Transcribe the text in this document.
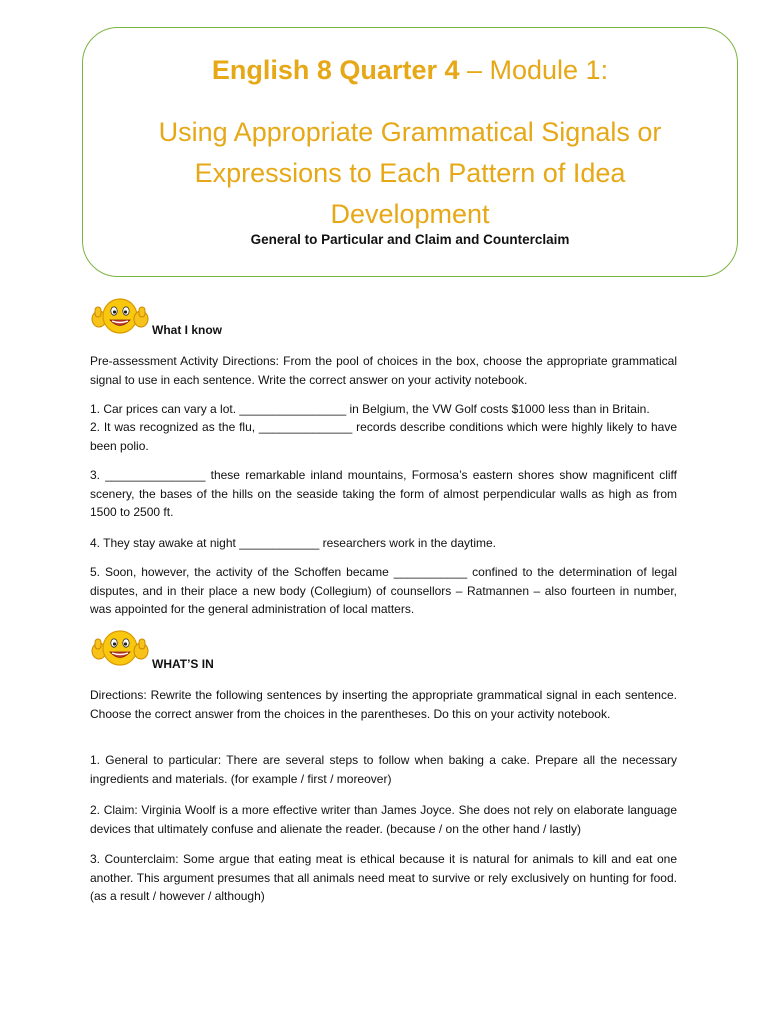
English 8 Quarter 4 – Module 1:
Using Appropriate Grammatical Signals or Expressions to Each Pattern of Idea Development
General to Particular and Claim and Counterclaim
What I know

Pre-assessment Activity Directions: From the pool of choices in the box, choose the appropriate grammatical signal to use in each sentence. Write the correct answer on your activity notebook.

1. Car prices can vary a lot. ________________ in Belgium, the VW Golf costs $1000 less than in Britain.

2. It was recognized as the flu, ______________ records describe conditions which were highly likely to have been polio.

3. _______________ these remarkable inland mountains, Formosa’s eastern shores show magnificent cliff scenery, the bases of the hills on the seaside taking the form of almost perpendicular walls as high as from 1500 to 2500 ft.

4. They stay awake at night ____________ researchers work in the daytime.

5. Soon, however, the activity of the Schoffen became ___________ confined to the determination of legal disputes, and in their place a new body (Collegium) of counsellors – Ratmannen – also fourteen in number, was appointed for the general administration of local matters.

WHAT’S IN

Directions: Rewrite the following sentences by inserting the appropriate grammatical signal in each sentence. Choose the correct answer from the choices in the parentheses. Do this on your activity notebook.

1. General to particular: There are several steps to follow when baking a cake. Prepare all the necessary ingredients and materials. (for example / first / moreover)

2. Claim: Virginia Woolf is a more effective writer than James Joyce. She does not rely on elaborate language devices that ultimately confuse and alienate the reader. (because / on the other hand / lastly)

3. Counterclaim: Some argue that eating meat is ethical because it is natural for animals to kill and eat one another. This argument presumes that all animals need meat to survive or rely exclusively on hunting for food. (as a result / however / although)
